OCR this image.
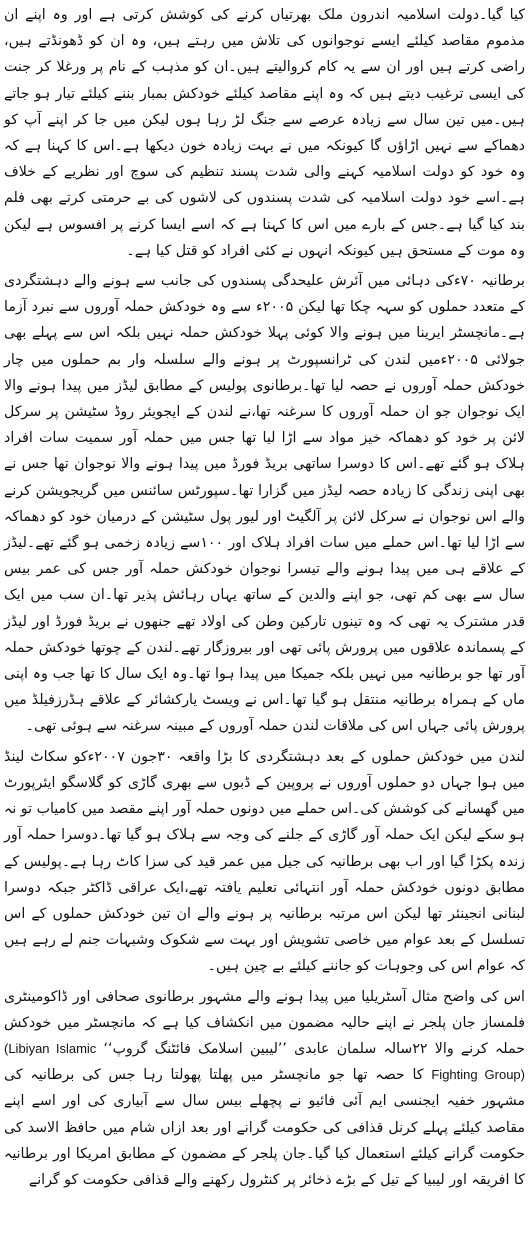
کیا گیا۔دولت اسلامیہ اندرون ملک بھرتیاں کرنے کی کوشش کرتی ہے اور وہ اپنے ان مذموم مقاصد کیلئے ایسے نوجوانوں کی تلاش میں رہتے ہیں، وہ ان کو ڈھونڈتے ہیں، راضی کرتے ہیں اور ان سے یہ کام کروالیتے ہیں۔ان کو مذہب کے نام پر ورغلا کر جنت کی ایسی ترغیب دیتے ہیں کہ وہ اپنے مقاصد کیلئے خودکش بمبار بننے کیلئے تیار ہو جاتے ہیں۔میں تین سال سے زیادہ عرصے سے جنگ لڑ رہا ہوں لیکن میں جا کر اپنے آپ کو دھماکے سے نہیں اڑاؤں گا کیونکہ میں نے بہت زیادہ خون دیکھا ہے۔اس کا کہنا ہے کہ وہ خود کو دولت اسلامیہ کہنے والی شدت پسند تنظیم کی سوچ اور نظریے کے خلاف ہے۔اسے خود دولت اسلامیہ کی شدت پسندوں کی لاشوں کی بے حرمتی کرتے بھی فلم بند کیا گیا ہے۔جس کے بارے میں اس کا کہنا ہے کہ اسے ایسا کرنے پر افسوس ہے لیکن وہ موت کے مستحق ہیں کیونکہ انہوں نے کئی افراد کو قتل کیا ہے۔

برطانیہ ۷۰ءکی دہائی میں آئرش علیحدگی پسندوں کی جانب سے ہونے والے دہشتگردی کے متعدد حملوں کو سہہ چکا تھا لیکن ۲۰۰۵ء سے وہ خودکش حملہ آوروں سے نبرد آزما ہے۔مانچسٹر ایرینا میں ہونے والا کوئی پہلا خودکش حملہ نہیں بلکہ اس سے پہلے بھی جولائی ۲۰۰۵ءمیں لندن کی ٹرانسپورٹ پر ہونے والے سلسلہ وار بم حملوں میں چار خودکش حملہ آوروں نے حصہ لیا تھا۔برطانوی پولیس کے مطابق لیڈز میں پیدا ہونے والا ایک نوجوان جو ان حملہ آوروں کا سرغنہ تھا،نے لندن کے ایجویئر روڈ سٹیشن پر سرکل لائن پر خود کو دھماکہ خیز مواد سے اڑا لیا تھا جس میں حملہ آور سمیت سات افراد ہلاک ہو گئے تھے۔اس کا دوسرا ساتھی بریڈ فورڈ میں پیدا ہونے والا نوجوان تھا جس نے بھی اپنی زندگی کا زیادہ حصہ لیڈز میں گزارا تھا۔سپورٹس سائنس میں گریجویشن کرنے والے اس نوجوان نے سرکل لائن پر آلگیٹ اور لیور پول سٹیشن کے درمیان خود کو دھماکہ سے اڑا لیا تھا۔اس حملے میں سات افراد ہلاک اور ۱۰۰سے زیادہ زخمی ہو گئے تھے۔لیڈز کے علاقے ہی میں پیدا ہونے والے تیسرا نوجوان خودکش حملہ آور جس کی عمر بیس سال سے بھی کم تھی، جو اپنے والدین کے ساتھ یہاں رہائش پذیر تھا۔ان سب میں ایک قدر مشترک یہ تھی کہ وہ تینوں تارکین وطن کی اولاد تھے جنھوں نے بریڈ فورڈ اور لیڈز کے پسماندہ علاقوں میں پرورش پائی تھی اور بیروزگار تھے۔لندن کے چوتھا خودکش حملہ آور تھا جو برطانیہ میں نہیں بلکہ جمیکا میں پیدا ہوا تھا۔وہ ایک سال کا تھا جب وہ اپنی ماں کے ہمراہ برطانیہ منتقل ہو گیا تھا۔اس نے ویسٹ یارکشائر کے علاقے ہڈرزفیلڈ میں پرورش پائی جہاں اس کی ملاقات لندن حملہ آوروں کے مبینہ سرغنہ سے ہوئی تھی۔

لندن میں خودکش حملوں کے بعد دہشتگردی کا بڑا واقعہ ۳۰جون ۲۰۰۷ءکو سکاٹ لینڈ میں ہوا جہاں دو حملوں آوروں نے پروپین کے ڈبوں سے بھری گاڑی کو گلاسگو ایئرپورٹ میں گھسانے کی کوشش کی۔اس حملے میں دونوں حملہ آور اپنے مقصد میں کامیاب تو نہ ہو سکے لیکن ایک حملہ آور گاڑی کے جلنے کی وجہ سے ہلاک ہو گیا تھا۔دوسرا حملہ آور زندہ پکڑا گیا اور اب بھی برطانیہ کی جیل میں عمر قید کی سزا کاٹ رہا ہے۔پولیس کے مطابق دونوں خودکش حملہ آور انتہائی تعلیم یافتہ تھے،ایک عراقی ڈاکٹر جبکہ دوسرا لبنانی انجینئر تھا لیکن اس مرتبہ برطانیہ پر ہونے والے ان تین خودکش حملوں کے اس تسلسل کے بعد عوام میں خاصی تشویش اور بہت سے شکوک وشبہات جنم لے رہے ہیں کہ عوام اس کی وجوہات کو جاننے کیلئے بے چین ہیں۔

اس کی واضح مثال آسٹریلیا میں پیدا ہونے والے مشہور برطانوی صحافی اور ڈاکومینٹری فلمساز جان پلجر نے اپنے حالیہ مضمون میں انکشاف کیا ہے کہ مانچسٹر میں خودکش حملہ کرنے والا ۲۲سالہ سلمان عابدی ’’لیبین اسلامک فائٹنگ گروپ‘‘ (Libiyan Islamic Fighting Group) کا حصہ تھا جو مانچسٹر میں پھلتا پھولتا رہا جس کی برطانیہ کی مشہور خفیہ ایجنسی ایم آئی فائیو نے پچھلے بیس سال سے آبیاری کی اور اسے اپنے مقاصد کیلئے پہلے کرنل قذافی کی حکومت گرانے اور بعد ازاں شام میں حافظ الاسد کی حکومت گرانے کیلئے استعمال کیا گیا۔جان پلجر کے مضمون کے مطابق امریکا اور برطانیہ کا افریقہ اور لیبیا کے تیل کے بڑے ذخائر پر کنٹرول رکھنے والے قذافی حکومت کو گرانے
